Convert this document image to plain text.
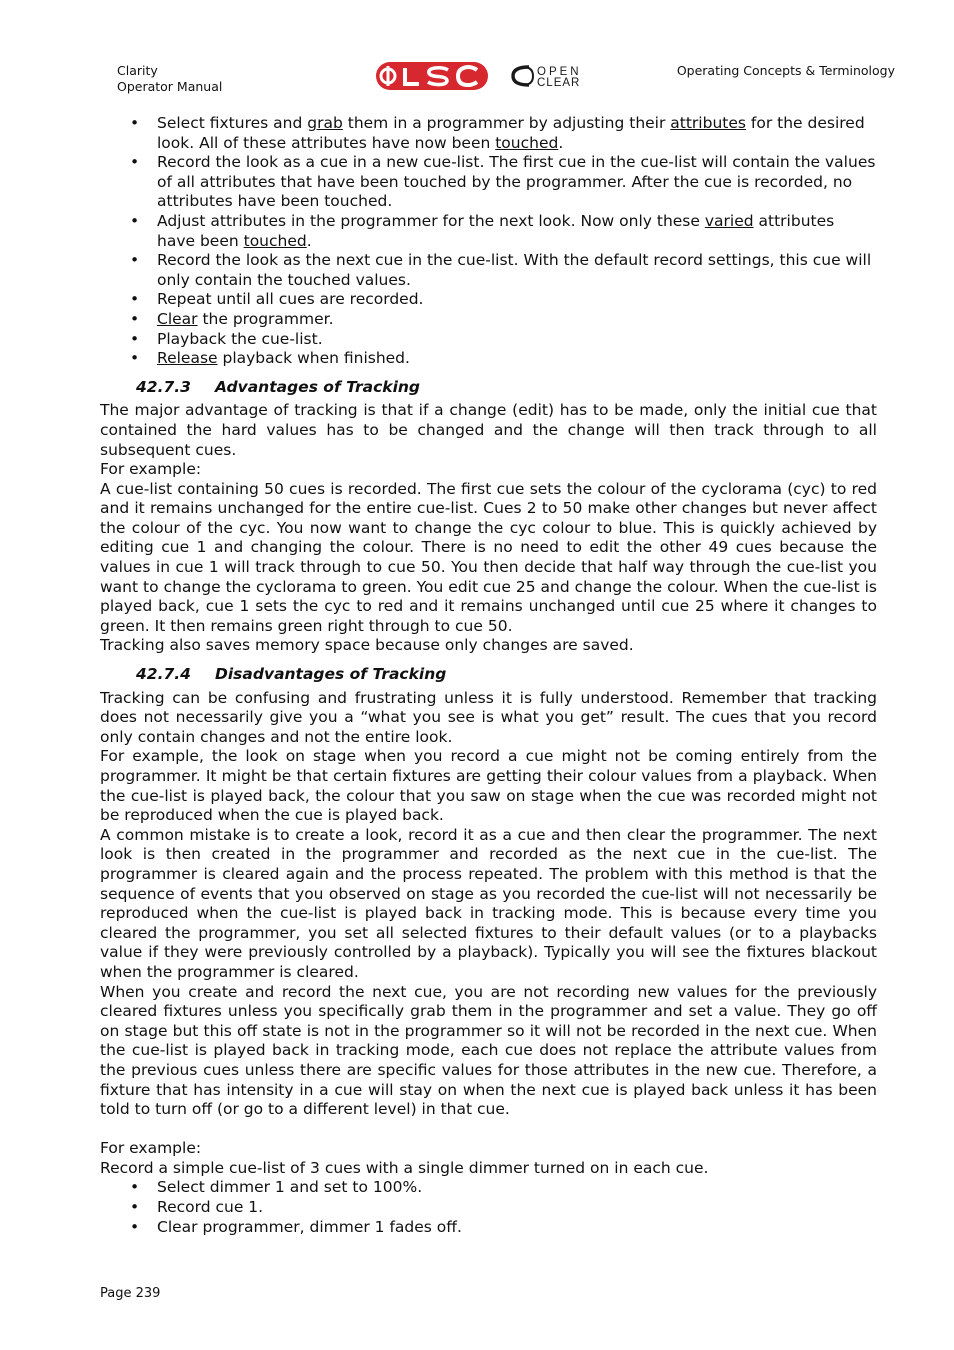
Clarity
Operator Manual
OPEN
CLEAR
Operating Concepts & Terminology
• Select fixtures and grab them in a programmer by adjusting their attributes for the desired look. All of these attributes have now been touched.
• Record the look as a cue in a new cue-list. The first cue in the cue-list will contain the values of all attributes that have been touched by the programmer. After the cue is recorded, no attributes have been touched.
• Adjust attributes in the programmer for the next look. Now only these varied attributes have been touched.
• Record the look as the next cue in the cue-list. With the default record settings, this cue will only contain the touched values.
• Repeat until all cues are recorded.
• Clear the programmer.
• Playback the cue-list.
• Release playback when finished.
42.7.3 Advantages of Tracking

The major advantage of tracking is that if a change (edit) has to be made, only the initial cue that contained the hard values has to be changed and the change will then track through to all subsequent cues.

For example:

A cue-list containing 50 cues is recorded. The first cue sets the colour of the cyclorama (cyc) to red and it remains unchanged for the entire cue-list. Cues 2 to 50 make other changes but never affect the colour of the cyc. You now want to change the cyc colour to blue. This is quickly achieved by editing cue 1 and changing the colour. There is no need to edit the other 49 cues because the values in cue 1 will track through to cue 50. You then decide that half way through the cue-list you want to change the cyclorama to green. You edit cue 25 and change the colour. When the cue-list is played back, cue 1 sets the cyc to red and it remains unchanged until cue 25 where it changes to green. It then remains green right through to cue 50.

Tracking also saves memory space because only changes are saved.

42.7.4 Disadvantages of Tracking

Tracking can be confusing and frustrating unless it is fully understood. Remember that tracking does not necessarily give you a “what you see is what you get” result. The cues that you record only contain changes and not the entire look.

For example, the look on stage when you record a cue might not be coming entirely from the programmer. It might be that certain fixtures are getting their colour values from a playback. When the cue-list is played back, the colour that you saw on stage when the cue was recorded might not be reproduced when the cue is played back.

A common mistake is to create a look, record it as a cue and then clear the programmer. The next look is then created in the programmer and recorded as the next cue in the cue-list. The programmer is cleared again and the process repeated. The problem with this method is that the sequence of events that you observed on stage as you recorded the cue-list will not necessarily be reproduced when the cue-list is played back in tracking mode. This is because every time you cleared the programmer, you set all selected fixtures to their default values (or to a playbacks value if they were previously controlled by a playback). Typically you will see the fixtures blackout when the programmer is cleared.

When you create and record the next cue, you are not recording new values for the previously cleared fixtures unless you specifically grab them in the programmer and set a value. They go off on stage but this off state is not in the programmer so it will not be recorded in the next cue. When the cue-list is played back in tracking mode, each cue does not replace the attribute values from the previous cues unless there are specific values for those attributes in the new cue. Therefore, a fixture that has intensity in a cue will stay on when the next cue is played back unless it has been told to turn off (or go to a different level) in that cue.

For example:

Record a simple cue-list of 3 cues with a single dimmer turned on in each cue.

• Select dimmer 1 and set to 100%.
• Record cue 1.
• Clear programmer, dimmer 1 fades off.
Page 239
